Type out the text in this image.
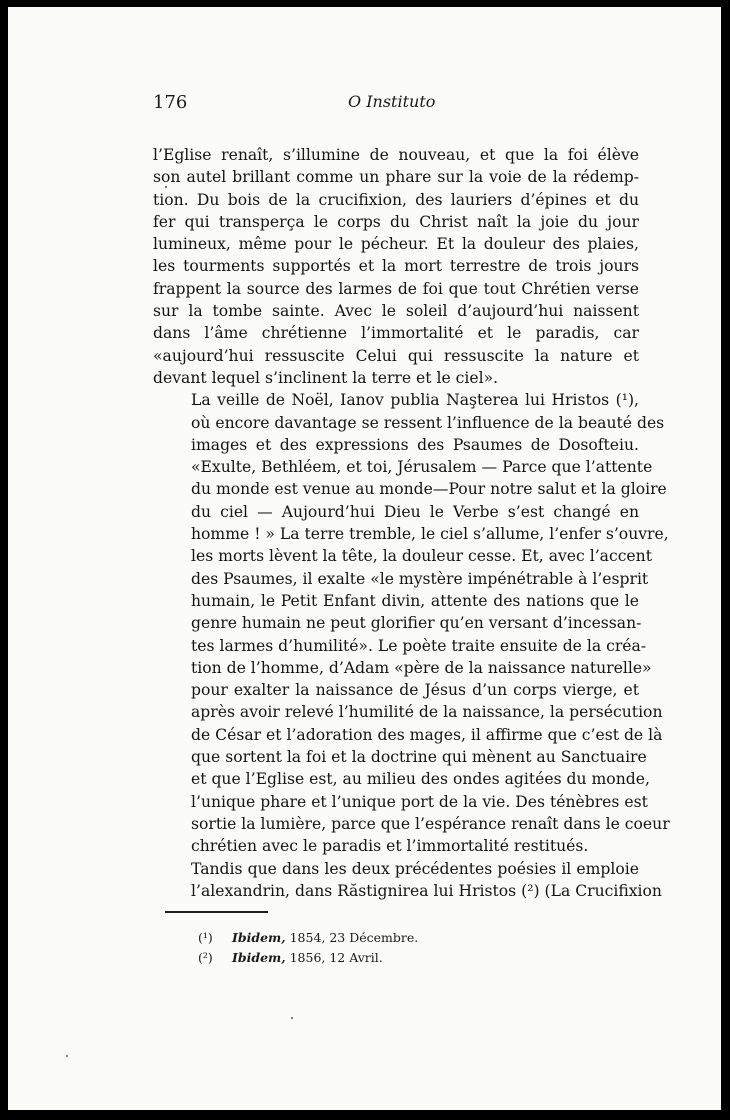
176	O Instituto

l’Eglise renaît, s’illumine de nouveau, et que la foi élève
son autel brillant comme un phare sur la voie de la rédemp-
tion. Du bois de la crucifixion, des lauriers d’épines et du
fer qui transperça le corps du Christ naît la joie du jour
lumineux, même pour le pécheur. Et la douleur des plaies,
les tourments supportés et la mort terrestre de trois jours
frappent la source des larmes de foi que tout Chrétien verse
sur la tombe sainte. Avec le soleil d’aujourd’hui naissent
dans l’âme chrétienne l’immortalité et le paradis, car
«aujourd’hui ressuscite Celui qui ressuscite la nature et
devant lequel s’inclinent la terre et le ciel».

La veille de Noël, Ianov publia Naşterea lui Hristos (¹),
où encore davantage se ressent l’influence de la beauté des
images et des expressions des Psaumes de Dosofteiu.
«Exulte, Bethléem, et toi, Jérusalem — Parce que l’attente
du monde est venue au monde—Pour notre salut et la gloire
du ciel — Aujourd’hui Dieu le Verbe s’est changé en
homme ! » La terre tremble, le ciel s’allume, l’enfer s’ouvre,
les morts lèvent la tête, la douleur cesse. Et, avec l’accent
des Psaumes, il exalte «le mystère impénétrable à l’esprit
humain, le Petit Enfant divin, attente des nations que le
genre humain ne peut glorifier qu’en versant d’incessan-
tes larmes d’humilité». Le poète traite ensuite de la créa-
tion de l’homme, d’Adam «père de la naissance naturelle»
pour exalter la naissance de Jésus d’un corps vierge, et
après avoir relevé l’humilité de la naissance, la persécution
de César et l’adoration des mages, il affirme que c’est de là
que sortent la foi et la doctrine qui mènent au Sanctuaire
et que l’Eglise est, au milieu des ondes agitées du monde,
l’unique phare et l’unique port de la vie. Des ténèbres est
sortie la lumière, parce que l’espérance renaît dans le coeur
chrétien avec le paradis et l’immortalité restitués.

Tandis que dans les deux précédentes poésies il emploie
l’alexandrin, dans Răstignirea lui Hristos (²) (La Crucifixion

(¹) Ibidem, 1854, 23 Décembre.
(²) Ibidem, 1856, 12 Avril.
